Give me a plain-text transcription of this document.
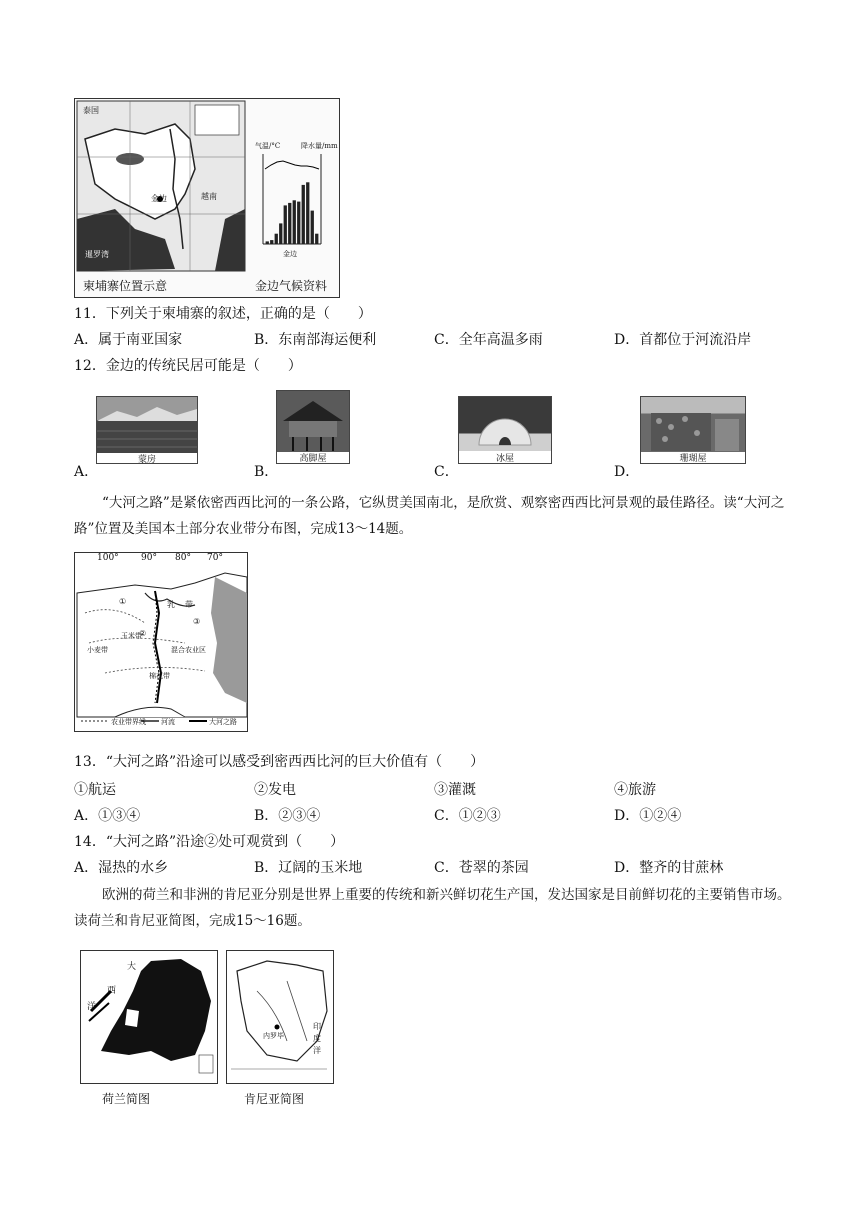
泰国
金边	越南
暹罗湾
气温/°C	降水量/mm
金边
柬埔寨位置示意	金边气候资料
11．下列关于柬埔寨的叙述，正确的是（　　）
A．属于南亚国家	B．东南部海运便利	C．全年高温多雨	D．首都位于河流沿岸
12．金边的传统民居可能是（　　）
A．
蒙房
B．
高脚屋
C．
冰屋
D．
珊瑚屋
“大河之路”是紧依密西西比河的一条公路，它纵贯美国南北，是欣赏、观察密西西比河景观的最佳路径。读“大河之路”位置及美国本土部分农业带分布图，完成13～14题。
100° 90° 80° 70°
①
②
③
乳 带
小麦带
玉米带
棉花带
混合农业区
农业带界线 河流	大河之路
13．“大河之路”沿途可以感受到密西西比河的巨大价值有（　　）
①航运	②发电	③灌溉	④旅游
A．①③④	B．②③④	C．①②③	D．①②④
14．“大河之路”沿途②处可观赏到（　　）
A．湿热的水乡	B．辽阔的玉米地	C．苍翠的茶园	D．整齐的甘蔗林
欧洲的荷兰和非洲的肯尼亚分别是世界上重要的传统和新兴鲜切花生产国，发达国家是目前鲜切花的主要销售市场。读荷兰和肯尼亚简图，完成15～16题。
大
西
洋
内罗毕
印
度
洋
荷兰简图	肯尼亚简图
